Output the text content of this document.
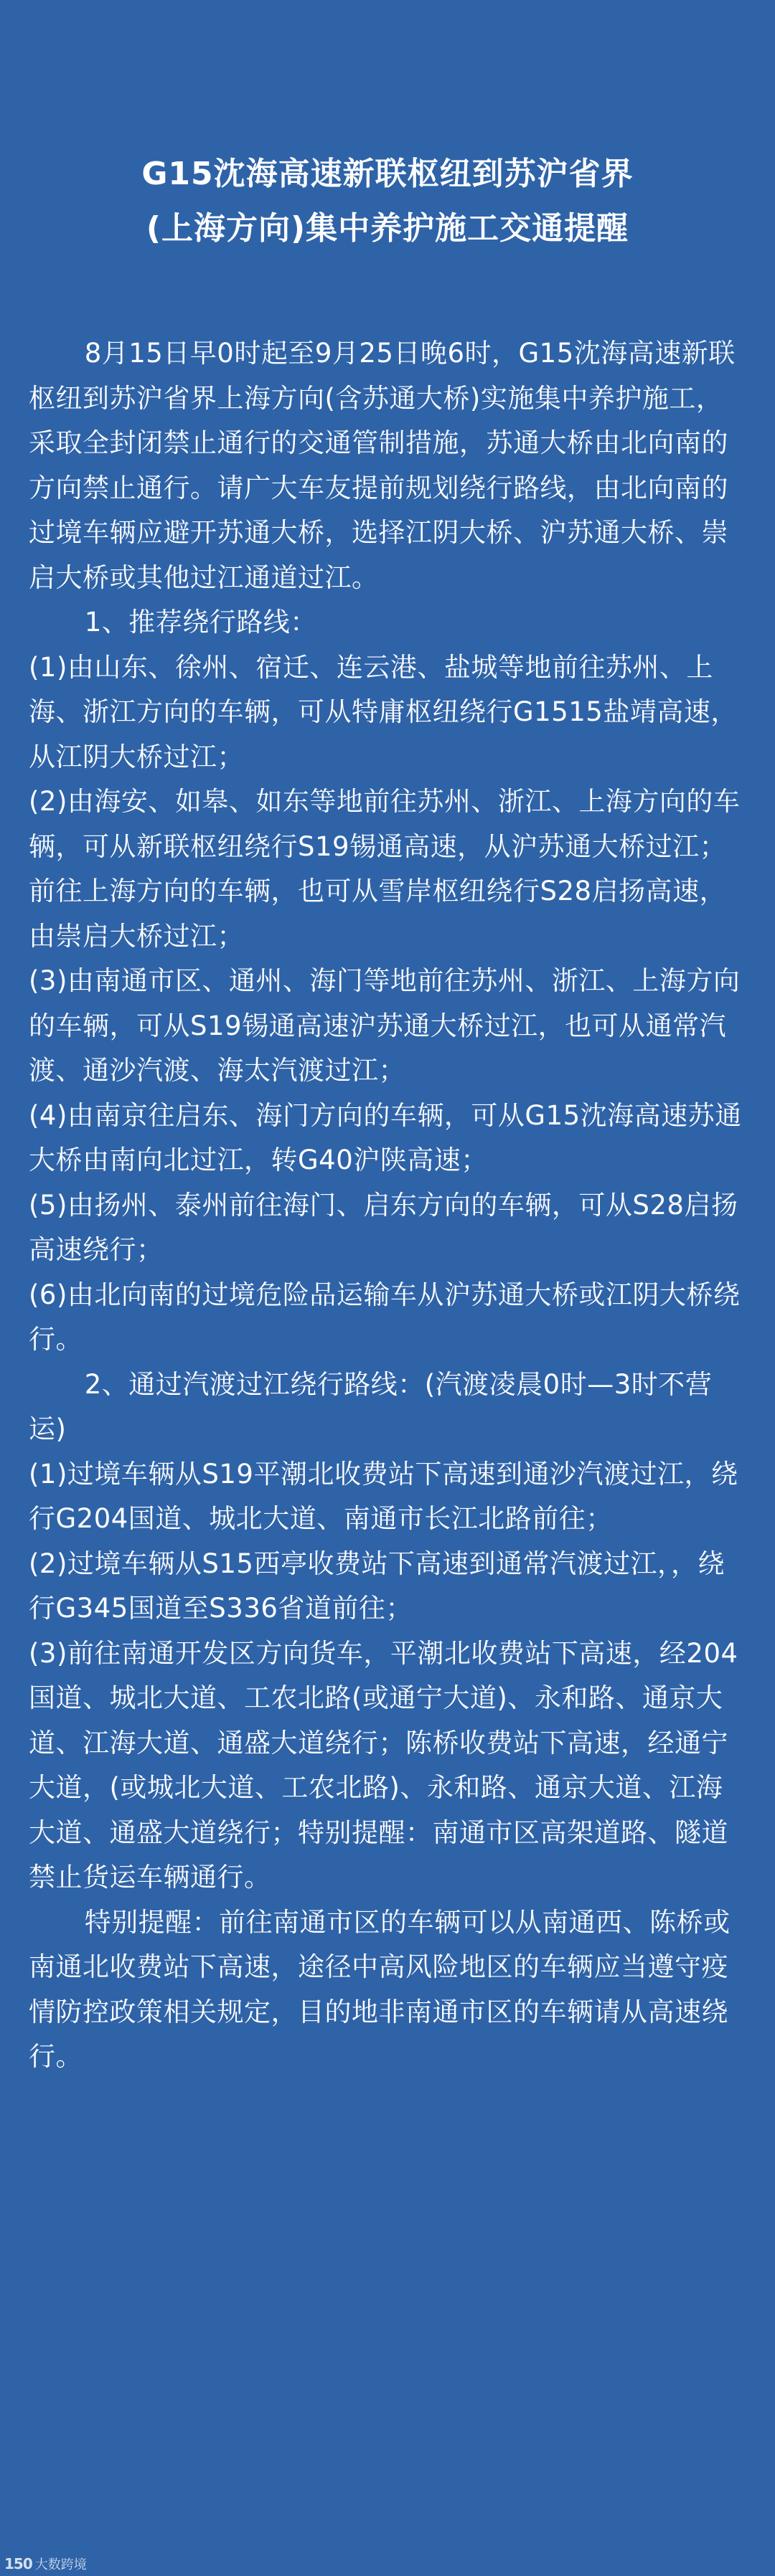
G15沈海高速新联枢纽到苏沪省界
(上海方向)集中养护施工交通提醒

8月15日早0时起至9月25日晚6时，G15沈海高速新联枢纽到苏沪省界上海方向(含苏通大桥)实施集中养护施工，采取全封闭禁止通行的交通管制措施，苏通大桥由北向南的方向禁止通行。请广大车友提前规划绕行路线，由北向南的过境车辆应避开苏通大桥，选择江阴大桥、沪苏通大桥、崇启大桥或其他过江通道过江。

1、推荐绕行路线：

(1)由山东、徐州、宿迁、连云港、盐城等地前往苏州、上海、浙江方向的车辆，可从特庸枢纽绕行G1515盐靖高速，从江阴大桥过江；

(2)由海安、如皋、如东等地前往苏州、浙江、上海方向的车辆，可从新联枢纽绕行S19锡通高速，从沪苏通大桥过江；前往上海方向的车辆，也可从雪岸枢纽绕行S28启扬高速，由崇启大桥过江；

(3)由南通市区、通州、海门等地前往苏州、浙江、上海方向的车辆，可从S19锡通高速沪苏通大桥过江，也可从通常汽渡、通沙汽渡、海太汽渡过江；

(4)由南京往启东、海门方向的车辆，可从G15沈海高速苏通大桥由南向北过江，转G40沪陕高速；

(5)由扬州、泰州前往海门、启东方向的车辆，可从S28启扬高速绕行；

(6)由北向南的过境危险品运输车从沪苏通大桥或江阴大桥绕行。

2、通过汽渡过江绕行路线：(汽渡凌晨0时—3时不营运)

(1)过境车辆从S19平潮北收费站下高速到通沙汽渡过江，绕行G204国道、城北大道、南通市长江北路前往；

(2)过境车辆从S15西亭收费站下高速到通常汽渡过江，，绕行G345国道至S336省道前往；

(3)前往南通开发区方向货车，平潮北收费站下高速，经204国道、城北大道、工农北路(或通宁大道)、永和路、通京大道、江海大道、通盛大道绕行；陈桥收费站下高速，经通宁大道，(或城北大道、工农北路)、永和路、通京大道、江海大道、通盛大道绕行；特别提醒：南通市区高架道路、隧道禁止货运车辆通行。

特别提醒：前往南通市区的车辆可以从南通西、陈桥或南通北收费站下高速，途径中高风险地区的车辆应当遵守疫情防控政策相关规定，目的地非南通市区的车辆请从高速绕行。

150 大数跨境
